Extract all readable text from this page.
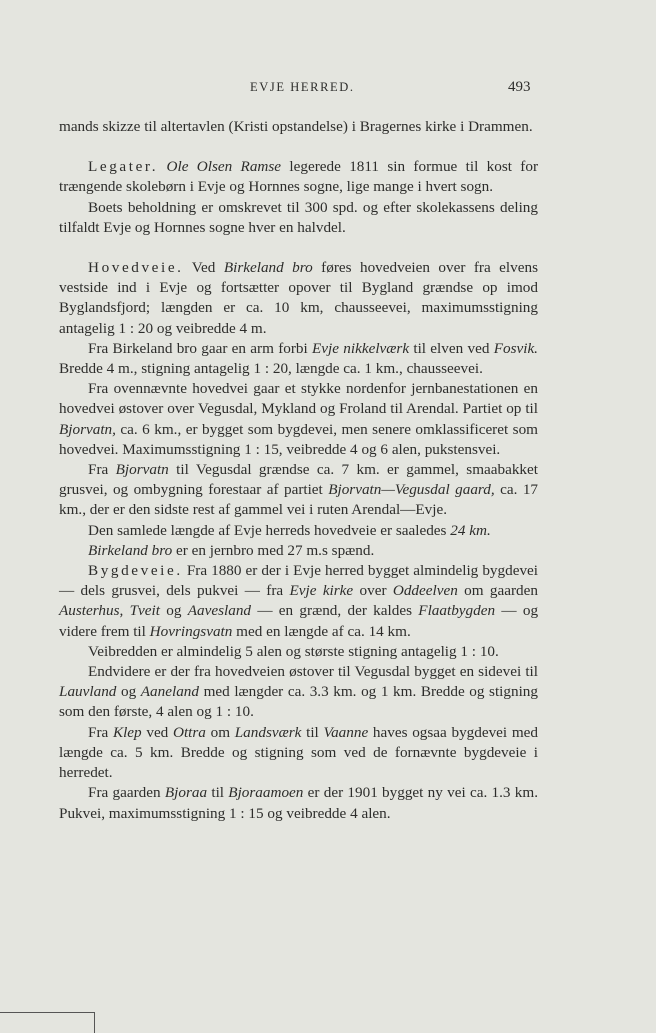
EVJE HERRED.	493

mands skizze til altertavlen (Kristi opstandelse) i Bragernes kirke i Drammen.

Legater. Ole Olsen Ramse legerede 1811 sin formue til kost for trængende skolebørn i Evje og Hornnes sogne, lige mange i hvert sogn.

Boets beholdning er omskrevet til 300 spd. og efter skolekassens deling tilfaldt Evje og Hornnes sogne hver en halvdel.

Hovedveie. Ved Birkeland bro føres hovedveien over fra elvens vestside ind i Evje og fortsætter opover til Bygland grændse op imod Byglandsfjord; længden er ca. 10 km, chausseevei, maximumsstigning antagelig 1 : 20 og veibredde 4 m.

Fra Birkeland bro gaar en arm forbi Evje nikkelværk til elven ved Fosvik. Bredde 4 m., stigning antagelig 1 : 20, længde ca. 1 km., chausseevei.

Fra ovennævnte hovedvei gaar et stykke nordenfor jernbanestationen en hovedvei østover over Vegusdal, Mykland og Froland til Arendal. Partiet op til Bjorvatn, ca. 6 km., er bygget som bygdevei, men senere omklassificeret som hovedvei. Maximumsstigning 1 : 15, veibredde 4 og 6 alen, pukstensvei.

Fra Bjorvatn til Vegusdal grændse ca. 7 km. er gammel, smaabakket grusvei, og ombygning forestaar af partiet Bjorvatn—Vegusdal gaard, ca. 17 km., der er den sidste rest af gammel vei i ruten Arendal—Evje.

Den samlede længde af Evje herreds hovedveie er saaledes 24 km.

Birkeland bro er en jernbro med 27 m.s spænd.

Bygdeveie. Fra 1880 er der i Evje herred bygget almindelig bygdevei — dels grusvei, dels pukvei — fra Evje kirke over Oddeelven om gaarden Austerhus, Tveit og Aavesland — en grænd, der kaldes Flaatbygden — og videre frem til Hovringsvatn med en længde af ca. 14 km.

Veibredden er almindelig 5 alen og største stigning antagelig 1 : 10.

Endvidere er der fra hovedveien østover til Vegusdal bygget en sidevei til Lauvland og Aaneland med længder ca. 3.3 km. og 1 km. Bredde og stigning som den første, 4 alen og 1 : 10.

Fra Klep ved Ottra om Landsværk til Vaanne haves ogsaa bygdevei med længde ca. 5 km. Bredde og stigning som ved de fornævnte bygdeveie i herredet.

Fra gaarden Bjoraa til Bjoraamoen er der 1901 bygget ny vei ca. 1.3 km. Pukvei, maximumsstigning 1 : 15 og veibredde 4 alen.
